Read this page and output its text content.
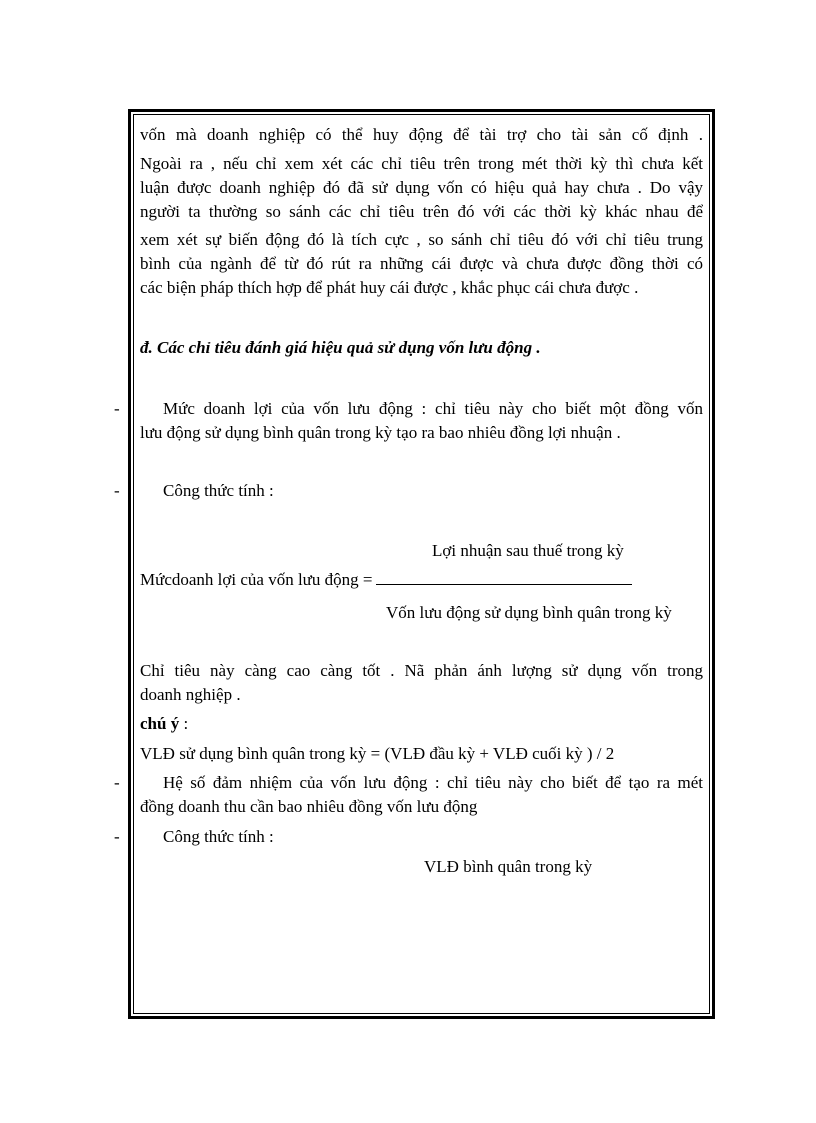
vốn mà doanh nghiệp có thể huy động để tài trợ cho tài sản cố định .

Ngoài ra , nếu chỉ xem xét các chỉ tiêu trên trong mét thời kỳ thì chưa kết

luận được doanh nghiệp đó đã sử dụng vốn có hiệu quả hay chưa . Do vậy

người ta thường so sánh các chỉ tiêu trên đó với các thời kỳ khác nhau để

xem xét sự biến động đó là tích cực , so sánh chỉ tiêu đó với chỉ tiêu trung

bình của ngành để từ đó rút ra những cái được và chưa được đồng thời có

các biện pháp thích hợp để phát huy cái được , khắc phục cái chưa được .

đ. Các chỉ tiêu đánh giá hiệu quả sử dụng vốn lưu động .

-	Mức doanh lợi của vốn lưu động : chỉ tiêu này cho biết một đồng vốn

lưu động sử dụng bình quân trong kỳ tạo ra bao nhiêu đồng lợi nhuận .

-	Công thức tính :

Lợi nhuận sau thuế trong kỳ
Mứcdoanh lợi của vốn lưu động =
Vốn lưu động sử dụng bình quân trong kỳ

Chỉ tiêu này càng cao càng tốt . Nã phản ánh lượng sử dụng vốn trong

doanh nghiệp .

chú ý :

VLĐ sử dụng bình quân trong kỳ = (VLĐ đầu kỳ + VLĐ cuối kỳ ) / 2

-	Hệ số đảm nhiệm của vốn lưu động : chỉ tiêu này cho biết để tạo ra mét

đồng doanh thu cần bao nhiêu đồng vốn lưu động

-	Công thức tính :

VLĐ bình quân trong kỳ
